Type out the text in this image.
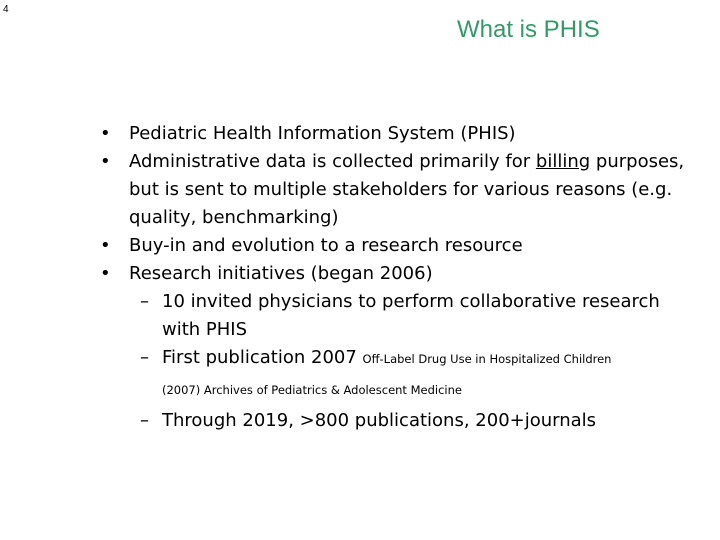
4
What is PHIS

• Pediatric Health Information System (PHIS)

• Administrative data is collected primarily for billing purposes, but is sent to multiple stakeholders for various reasons (e.g. quality, benchmarking)

• Buy-in and evolution to a research resource

• Research initiatives (began 2006)

– 10 invited physicians to perform collaborative research with PHIS

– First publication 2007 Off-Label Drug Use in Hospitalized Children

(2007) Archives of Pediatrics & Adolescent Medicine

– Through 2019, >800 publications, 200+journals
